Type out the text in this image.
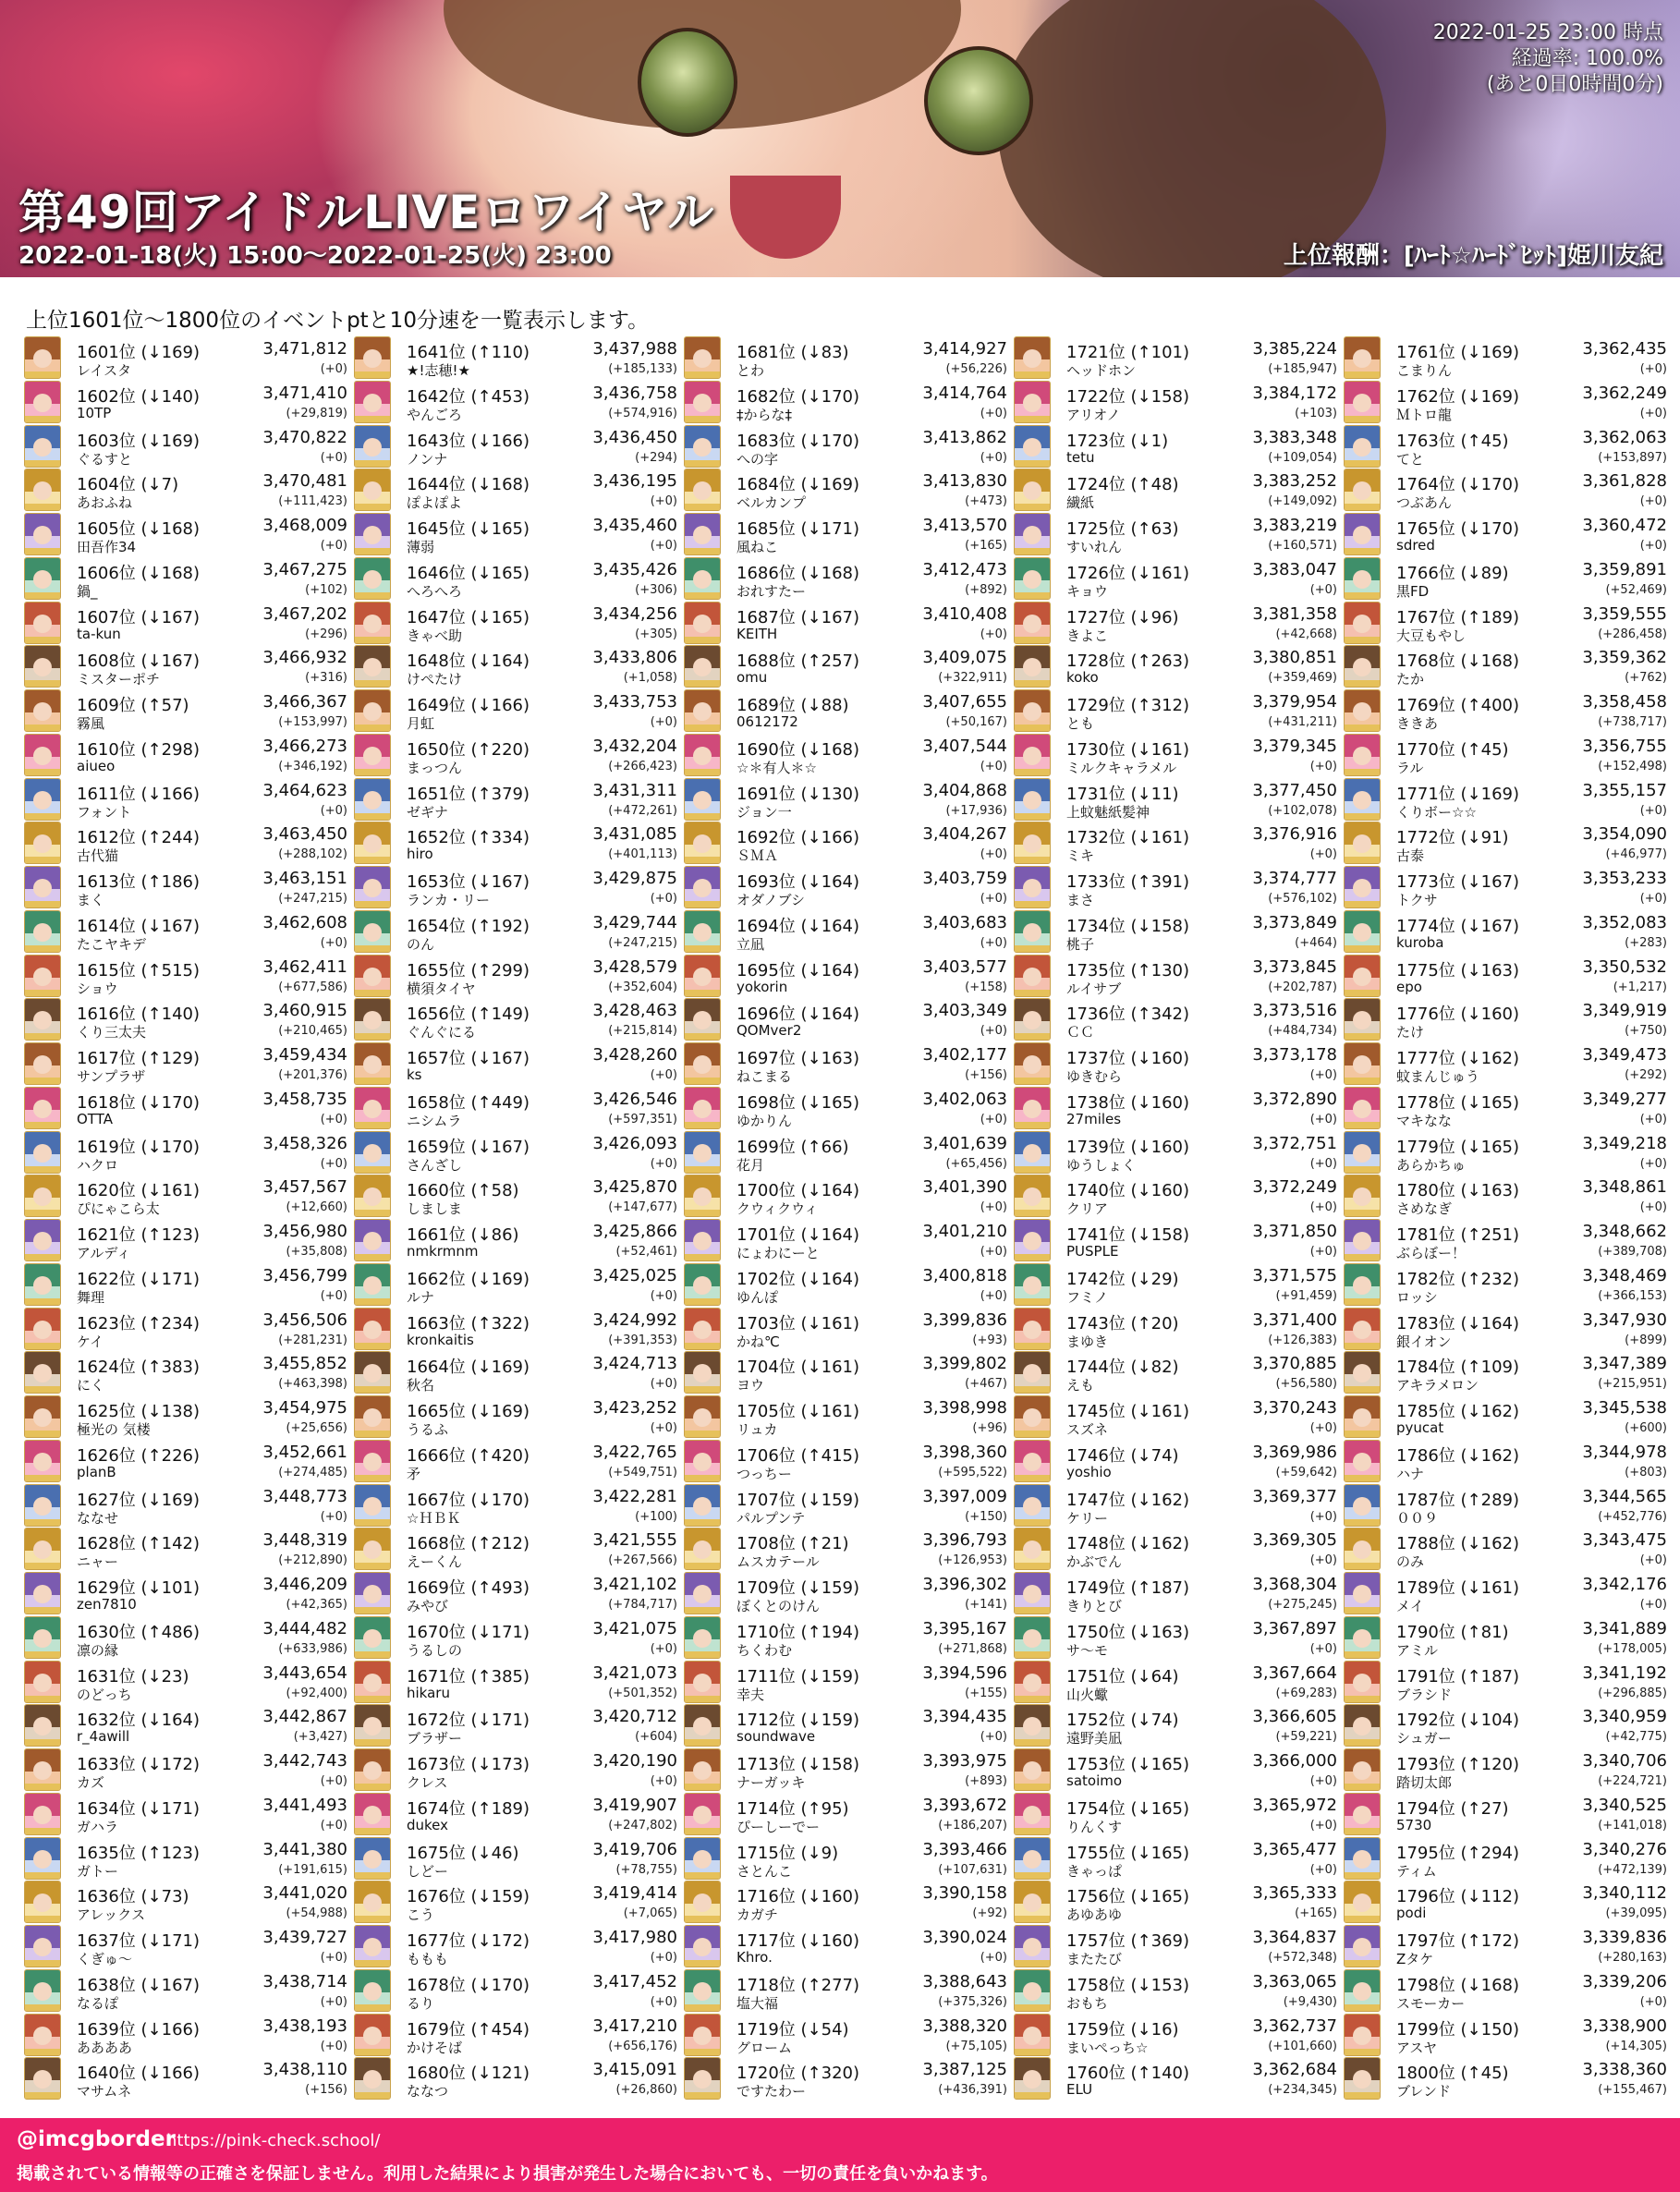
2022-01-25 23:00 時点
経過率: 100.0%
(あと0日0時間0分)
第49回アイドルLIVEロワイヤル
2022-01-18(火) 15:00～2022-01-25(火) 23:00	上位報酬：[ﾊｰﾄ☆ﾊｰﾄﾞﾋｯﾄ]姫川友紀
上位1601位～1800位のイベントptと10分速を一覧表示します。
1601位 (↓169)	3,471,812
レイスタ	(+0)
1602位 (↓140)	3,471,410
10TP	(+29,819)
1603位 (↓169)	3,470,822
ぐるすと	(+0)
1604位 (↓7)	3,470,481
あおふね	(+111,423)
1605位 (↓168)	3,468,009
田吾作34	(+0)
1606位 (↓168)	3,467,275
鍋_	(+102)
1607位 (↓167)	3,467,202
ta-kun	(+296)
1608位 (↓167)	3,466,932
ミスターポチ	(+316)
1609位 (↑57)	3,466,367
霧風	(+153,997)
1610位 (↑298)	3,466,273
aiueo	(+346,192)
1611位 (↓166)	3,464,623
フォント	(+0)
1612位 (↑244)	3,463,450
古代猫	(+288,102)
1613位 (↑186)	3,463,151
まく	(+247,215)
1614位 (↓167)	3,462,608
たこヤキデ	(+0)
1615位 (↑515)	3,462,411
ショウ	(+677,586)
1616位 (↑140)	3,460,915
くり三太夫	(+210,465)
1617位 (↑129)	3,459,434
サンプラザ	(+201,376)
1618位 (↓170)	3,458,735
OTTA	(+0)
1619位 (↓170)	3,458,326
ハクロ	(+0)
1620位 (↓161)	3,457,567
ぴにゃこら太	(+12,660)
1621位 (↑123)	3,456,980
アルディ	(+35,808)
1622位 (↓171)	3,456,799
舞理	(+0)
1623位 (↑234)	3,456,506
ケイ	(+281,231)
1624位 (↑383)	3,455,852
にく	(+463,398)
1625位 (↓138)	3,454,975
極光の 気楼	(+25,656)
1626位 (↑226)	3,452,661
planB	(+274,485)
1627位 (↓169)	3,448,773
ななせ	(+0)
1628位 (↑142)	3,448,319
ニャー	(+212,890)
1629位 (↓101)	3,446,209
zen7810	(+42,365)
1630位 (↑486)	3,444,482
凛の縁	(+633,986)
1631位 (↓23)	3,443,654
のどっち	(+92,400)
1632位 (↓164)	3,442,867
r_4awill	(+3,427)
1633位 (↓172)	3,442,743
カズ	(+0)
1634位 (↓171)	3,441,493
ガハラ	(+0)
1635位 (↑123)	3,441,380
ガトー	(+191,615)
1636位 (↓73)	3,441,020
アレックス	(+54,988)
1637位 (↓171)	3,439,727
くぎゅ～	(+0)
1638位 (↓167)	3,438,714
なるぽ	(+0)
1639位 (↓166)	3,438,193
ああああ	(+0)
1640位 (↓166)	3,438,110
マサムネ	(+156)
1641位 (↑110)	3,437,988
★!志穂!★	(+185,133)
1642位 (↑453)	3,436,758
やんごろ	(+574,916)
1643位 (↓166)	3,436,450
ノンナ	(+294)
1644位 (↓168)	3,436,195
ぽよぽよ	(+0)
1645位 (↓165)	3,435,460
薄弱	(+0)
1646位 (↓165)	3,435,426
へろへろ	(+306)
1647位 (↓165)	3,434,256
きゃべ助	(+305)
1648位 (↓164)	3,433,806
けぺたけ	(+1,058)
1649位 (↓166)	3,433,753
月虹	(+0)
1650位 (↑220)	3,432,204
まっつん	(+266,423)
1651位 (↑379)	3,431,311
ゼギナ	(+472,261)
1652位 (↑334)	3,431,085
hiro	(+401,113)
1653位 (↓167)	3,429,875
ランカ・リー	(+0)
1654位 (↑192)	3,429,744
のん	(+247,215)
1655位 (↑299)	3,428,579
横須タイヤ	(+352,604)
1656位 (↑149)	3,428,463
ぐんぐにる	(+215,814)
1657位 (↓167)	3,428,260
ks	(+0)
1658位 (↑449)	3,426,546
ニシムラ	(+597,351)
1659位 (↓167)	3,426,093
さんざし	(+0)
1660位 (↑58)	3,425,870
しましま	(+147,677)
1661位 (↓86)	3,425,866
nmkrmnm	(+52,461)
1662位 (↓169)	3,425,025
ルナ	(+0)
1663位 (↑322)	3,424,992
kronkaitis	(+391,353)
1664位 (↓169)	3,424,713
秋名	(+0)
1665位 (↓169)	3,423,252
うるふ	(+0)
1666位 (↑420)	3,422,765
矛	(+549,751)
1667位 (↓170)	3,422,281
☆ＨＢＫ	(+100)
1668位 (↑212)	3,421,555
えーくん	(+267,566)
1669位 (↑493)	3,421,102
みやび	(+784,717)
1670位 (↓171)	3,421,075
うるしの	(+0)
1671位 (↑385)	3,421,073
hikaru	(+501,352)
1672位 (↓171)	3,420,712
ブラザー	(+604)
1673位 (↓173)	3,420,190
クレス	(+0)
1674位 (↑189)	3,419,907
dukex	(+247,802)
1675位 (↓46)	3,419,706
しどー	(+78,755)
1676位 (↓159)	3,419,414
こう	(+7,065)
1677位 (↓172)	3,417,980
ももも	(+0)
1678位 (↓170)	3,417,452
るり	(+0)
1679位 (↑454)	3,417,210
かけそば	(+656,176)
1680位 (↓121)	3,415,091
ななつ	(+26,860)
1681位 (↓83)	3,414,927
とわ	(+56,226)
1682位 (↓170)	3,414,764
‡からな‡	(+0)
1683位 (↓170)	3,413,862
への字	(+0)
1684位 (↓169)	3,413,830
ベルカンプ	(+473)
1685位 (↓171)	3,413,570
風ねこ	(+165)
1686位 (↓168)	3,412,473
おれすたー	(+892)
1687位 (↓167)	3,410,408
KEITH	(+0)
1688位 (↑257)	3,409,075
omu	(+322,911)
1689位 (↓88)	3,407,655
0612172	(+50,167)
1690位 (↓168)	3,407,544
☆＊有人＊☆	(+0)
1691位 (↓130)	3,404,868
ジョン一	(+17,936)
1692位 (↓166)	3,404,267
ＳＭＡ	(+0)
1693位 (↓164)	3,403,759
オダノブシ	(+0)
1694位 (↓164)	3,403,683
立凪	(+0)
1695位 (↓164)	3,403,577
yokorin	(+158)
1696位 (↓164)	3,403,349
QOMver2	(+0)
1697位 (↓163)	3,402,177
ねこまる	(+156)
1698位 (↓165)	3,402,063
ゆかりん	(+0)
1699位 (↑66)	3,401,639
花月	(+65,456)
1700位 (↓164)	3,401,390
クウィクウィ	(+0)
1701位 (↓164)	3,401,210
にょわにーと	(+0)
1702位 (↓164)	3,400,818
ゆんぽ	(+0)
1703位 (↓161)	3,399,836
かね℃	(+93)
1704位 (↓161)	3,399,802
ヨウ	(+467)
1705位 (↓161)	3,398,998
リュカ	(+96)
1706位 (↑415)	3,398,360
つっちー	(+595,522)
1707位 (↓159)	3,397,009
パルプンテ	(+150)
1708位 (↑21)	3,396,793
ムスカテール	(+126,953)
1709位 (↓159)	3,396,302
ぼくとのけん	(+141)
1710位 (↑194)	3,395,167
ちくわむ	(+271,868)
1711位 (↓159)	3,394,596
幸夫	(+155)
1712位 (↓159)	3,394,435
soundwave	(+0)
1713位 (↓158)	3,393,975
ナーガッキ	(+893)
1714位 (↑95)	3,393,672
ぴーしーでー	(+186,207)
1715位 (↓9)	3,393,466
さとんこ	(+107,631)
1716位 (↓160)	3,390,158
カガチ	(+92)
1717位 (↓160)	3,390,024
Khro.	(+0)
1718位 (↑277)	3,388,643
塩大福	(+375,326)
1719位 (↓54)	3,388,320
グローム	(+75,105)
1720位 (↑320)	3,387,125
ですたわー	(+436,391)
1721位 (↑101)	3,385,224
ヘッドホン	(+185,947)
1722位 (↓158)	3,384,172
アリオノ	(+103)
1723位 (↓1)	3,383,348
tetu	(+109,054)
1724位 (↑48)	3,383,252
繊紙	(+149,092)
1725位 (↑63)	3,383,219
すいれん	(+160,571)
1726位 (↓161)	3,383,047
キョウ	(+0)
1727位 (↓96)	3,381,358
きよこ	(+42,668)
1728位 (↑263)	3,380,851
koko	(+359,469)
1729位 (↑312)	3,379,954
とも	(+431,211)
1730位 (↓161)	3,379,345
ミルクキャラメル	(+0)
1731位 (↓11)	3,377,450
上蚊魅紙髪神	(+102,078)
1732位 (↓161)	3,376,916
ミキ	(+0)
1733位 (↑391)	3,374,777
まさ	(+576,102)
1734位 (↓158)	3,373,849
桃子	(+464)
1735位 (↑130)	3,373,845
ルイサブ	(+202,787)
1736位 (↑342)	3,373,516
ＣＣ	(+484,734)
1737位 (↓160)	3,373,178
ゆきむら	(+0)
1738位 (↓160)	3,372,890
27miles	(+0)
1739位 (↓160)	3,372,751
ゆうしょく	(+0)
1740位 (↓160)	3,372,249
クリア	(+0)
1741位 (↓158)	3,371,850
PUSPLE	(+0)
1742位 (↓29)	3,371,575
フミノ	(+91,459)
1743位 (↑20)	3,371,400
まゆき	(+126,383)
1744位 (↓82)	3,370,885
えも	(+56,580)
1745位 (↓161)	3,370,243
スズネ	(+0)
1746位 (↓74)	3,369,986
yoshio	(+59,642)
1747位 (↓162)	3,369,377
ケリー	(+0)
1748位 (↓162)	3,369,305
かぶでん	(+0)
1749位 (↑187)	3,368,304
きりとび	(+275,245)
1750位 (↓163)	3,367,897
サ～モ	(+0)
1751位 (↓64)	3,367,664
山火蠍	(+69,283)
1752位 (↓74)	3,366,605
遠野美凪	(+59,221)
1753位 (↓165)	3,366,000
satoimo	(+0)
1754位 (↓165)	3,365,972
りんくす	(+0)
1755位 (↓165)	3,365,477
きゃっぱ	(+0)
1756位 (↓165)	3,365,333
あゆあゆ	(+165)
1757位 (↑369)	3,364,837
またたび	(+572,348)
1758位 (↓153)	3,363,065
おもち	(+9,430)
1759位 (↓16)	3,362,737
まいぺっち☆	(+101,660)
1760位 (↑140)	3,362,684
ELU	(+234,345)
1761位 (↓169)	3,362,435
こまりん	(+0)
1762位 (↓169)	3,362,249
Ｍトロ龍	(+0)
1763位 (↑45)	3,362,063
てと	(+153,897)
1764位 (↓170)	3,361,828
つぶあん	(+0)
1765位 (↓170)	3,360,472
sdred	(+0)
1766位 (↓89)	3,359,891
黒FD	(+52,469)
1767位 (↑189)	3,359,555
大豆もやし	(+286,458)
1768位 (↓168)	3,359,362
たか	(+762)
1769位 (↑400)	3,358,458
ききあ	(+738,717)
1770位 (↑45)	3,356,755
ラル	(+152,498)
1771位 (↓169)	3,355,157
くりボー☆☆	(+0)
1772位 (↓91)	3,354,090
古泰	(+46,977)
1773位 (↓167)	3,353,233
トクサ	(+0)
1774位 (↓167)	3,352,083
kuroba	(+283)
1775位 (↓163)	3,350,532
epo	(+1,217)
1776位 (↓160)	3,349,919
たけ	(+750)
1777位 (↓162)	3,349,473
蚊まんじゅう	(+292)
1778位 (↓165)	3,349,277
マキなな	(+0)
1779位 (↓165)	3,349,218
あらかちゅ	(+0)
1780位 (↓163)	3,348,861
さめなぎ	(+0)
1781位 (↑251)	3,348,662
ぶらぼー！	(+389,708)
1782位 (↑232)	3,348,469
ロッシ	(+366,153)
1783位 (↓164)	3,347,930
銀イオン	(+899)
1784位 (↑109)	3,347,389
アキラメロン	(+215,951)
1785位 (↓162)	3,345,538
pyucat	(+600)
1786位 (↓162)	3,344,978
ハナ	(+803)
1787位 (↑289)	3,344,565
００９	(+452,776)
1788位 (↓162)	3,343,475
のみ	(+0)
1789位 (↓161)	3,342,176
メイ	(+0)
1790位 (↑81)	3,341,889
アミル	(+178,005)
1791位 (↑187)	3,341,192
ブラシド	(+296,885)
1792位 (↓104)	3,340,959
シュガー	(+42,775)
1793位 (↑120)	3,340,706
踏切太郎	(+224,721)
1794位 (↑27)	3,340,525
5730	(+141,018)
1795位 (↑294)	3,340,276
ティム	(+472,139)
1796位 (↓112)	3,340,112
podi	(+39,095)
1797位 (↑172)	3,339,836
Zタケ	(+280,163)
1798位 (↓168)	3,339,206
スモーカー	(+0)
1799位 (↓150)	3,338,900
アスヤ	(+14,305)
1800位 (↑45)	3,338,360
ブレンド	(+155,467)
@imcgborder
https://pink-check.school/
掲載されている情報等の正確さを保証しません。利用した結果により損害が発生した場合においても、一切の責任を負いかねます。
